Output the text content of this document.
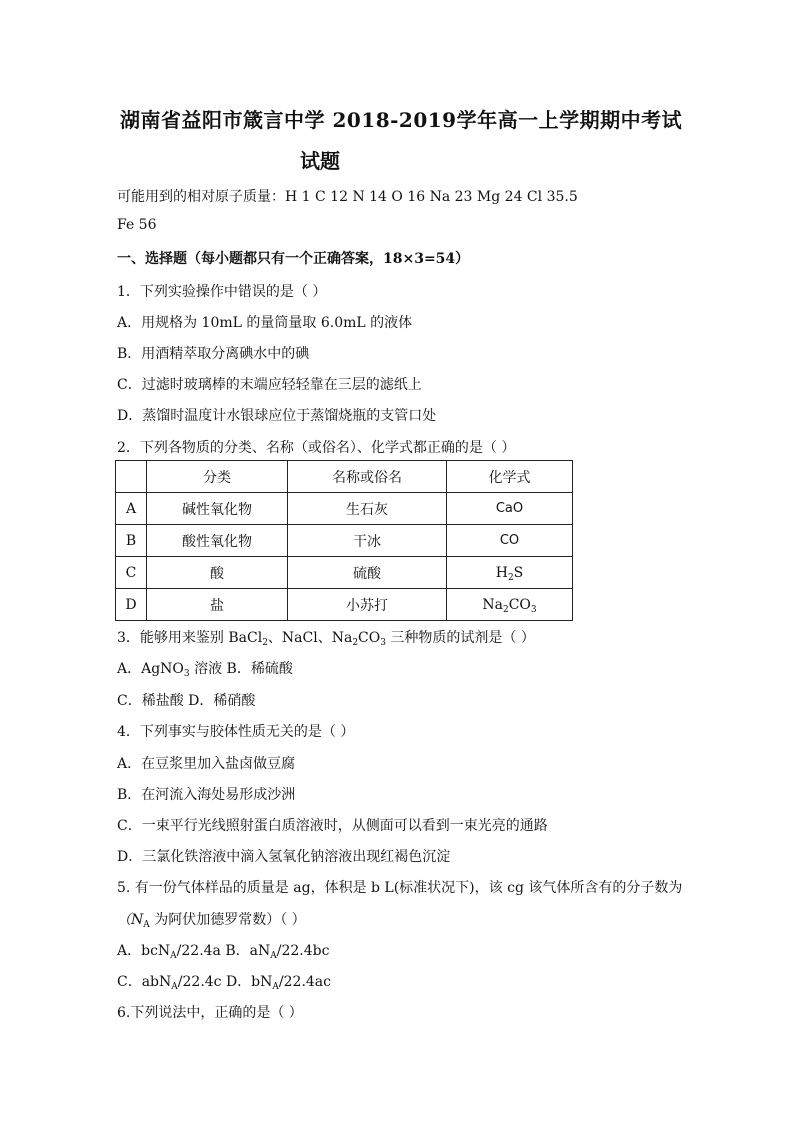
湖南省益阳市箴言中学 2018-2019学年高一上学期期中考试
试题
可能用到的相对原子质量：H 1 C 12 N 14 O 16 Na 23 Mg 24 Cl 35.5
Fe 56
一、选择题（每小题都只有一个正确答案，18×3=54）
1．下列实验操作中错误的是（ ）
A．用规格为 10mL 的量筒量取 6.0mL 的液体
B．用酒精萃取分离碘水中的碘
C．过滤时玻璃棒的末端应轻轻靠在三层的滤纸上
D．蒸馏时温度计水银球应位于蒸馏烧瓶的支管口处
2．下列各物质的分类、名称（或俗名）、化学式都正确的是（ ）
	分类	名称或俗名	化学式
A	碱性氧化物	生石灰	CaO
B	酸性氧化物	干冰	CO
C	酸	硫酸	$H_2S$
D	盐	小苏打	$Na_2CO_3$
3．能够用来鉴别 BaCl$_2$、NaCl、$Na_2CO_3$ 三种物质的试剂是（ ）
A．AgNO$_3$ 溶液 B．稀硫酸
C．稀盐酸 D．稀硝酸
4．下列事实与胶体性质无关的是（ ）
A．在豆浆里加入盐卤做豆腐
B．在河流入海处易形成沙洲
C．一束平行光线照射蛋白质溶液时，从侧面可以看到一束光亮的通路
D．三氯化铁溶液中滴入氢氧化钠溶液出现红褐色沉淀
5. 有一份气体样品的质量是 ag，体积是 b L(标准状况下)，该 cg 该气体所含有的分子数为
（$N_A$ 为阿伏加德罗常数）（ ）
A．bcN$_A$/22.4a B．$aN_A/22.4bc$
C．abN$_A$/22.4c D．$bN_A/22.4ac$
6.下列说法中，正确的是（ ）
